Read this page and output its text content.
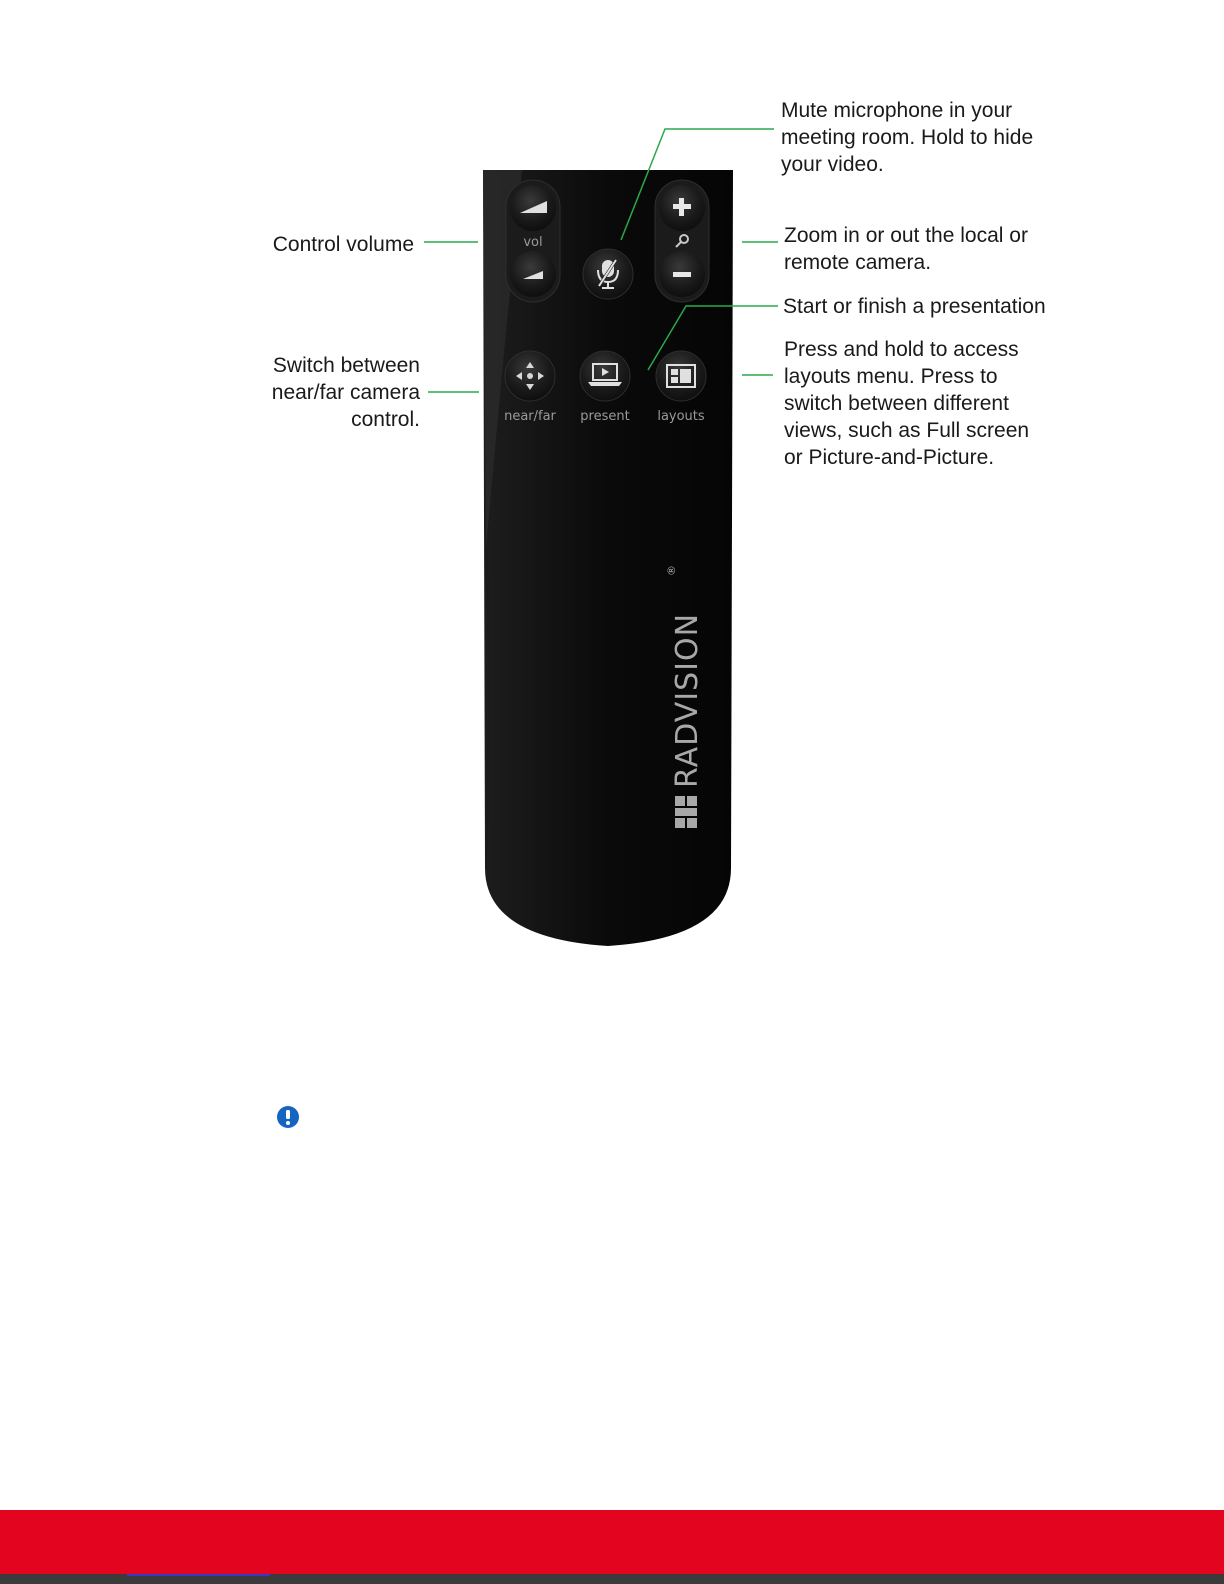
Mute microphone in your
meeting room. Hold to hide
your video.
Control volume	Zoom in or out the local or
remote camera.
Start or finish a presentation
Switch between
near/far camera
control.
Press and hold to access
layouts menu. Press to
switch between different
views, such as Full screen
or Picture-and-Picture.
vol
near/far present layouts
RADVISION
®
